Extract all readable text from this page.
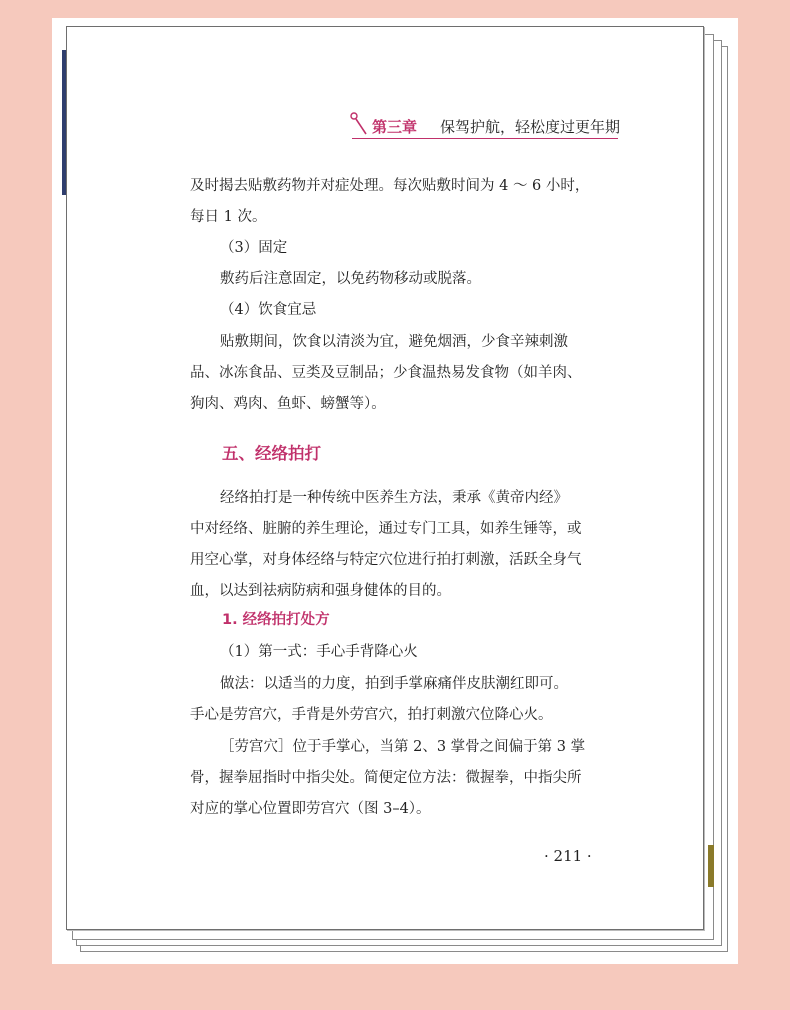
第三章 保驾护航，轻松度过更年期
及时揭去贴敷药物并对症处理。每次贴敷时间为 4 ～ 6 小时，
每日 1 次。
（3）固定
敷药后注意固定，以免药物移动或脱落。
（4）饮食宜忌
贴敷期间，饮食以清淡为宜，避免烟酒，少食辛辣刺激
品、冰冻食品、豆类及豆制品；少食温热易发食物（如羊肉、
狗肉、鸡肉、鱼虾、螃蟹等）。
五、经络拍打
经络拍打是一种传统中医养生方法，秉承《黄帝内经》
中对经络、脏腑的养生理论，通过专门工具，如养生锤等，或
用空心掌，对身体经络与特定穴位进行拍打刺激，活跃全身气
血，以达到祛病防病和强身健体的目的。
1. 经络拍打处方
（1）第一式：手心手背降心火
做法：以适当的力度，拍到手掌麻痛伴皮肤潮红即可。
手心是劳宫穴，手背是外劳宫穴，拍打刺激穴位降心火。
［劳宫穴］位于手掌心，当第 2、3 掌骨之间偏于第 3 掌
骨，握拳屈指时中指尖处。简便定位方法：微握拳，中指尖所
对应的掌心位置即劳宫穴（图 3–4）。
· 211 ·
